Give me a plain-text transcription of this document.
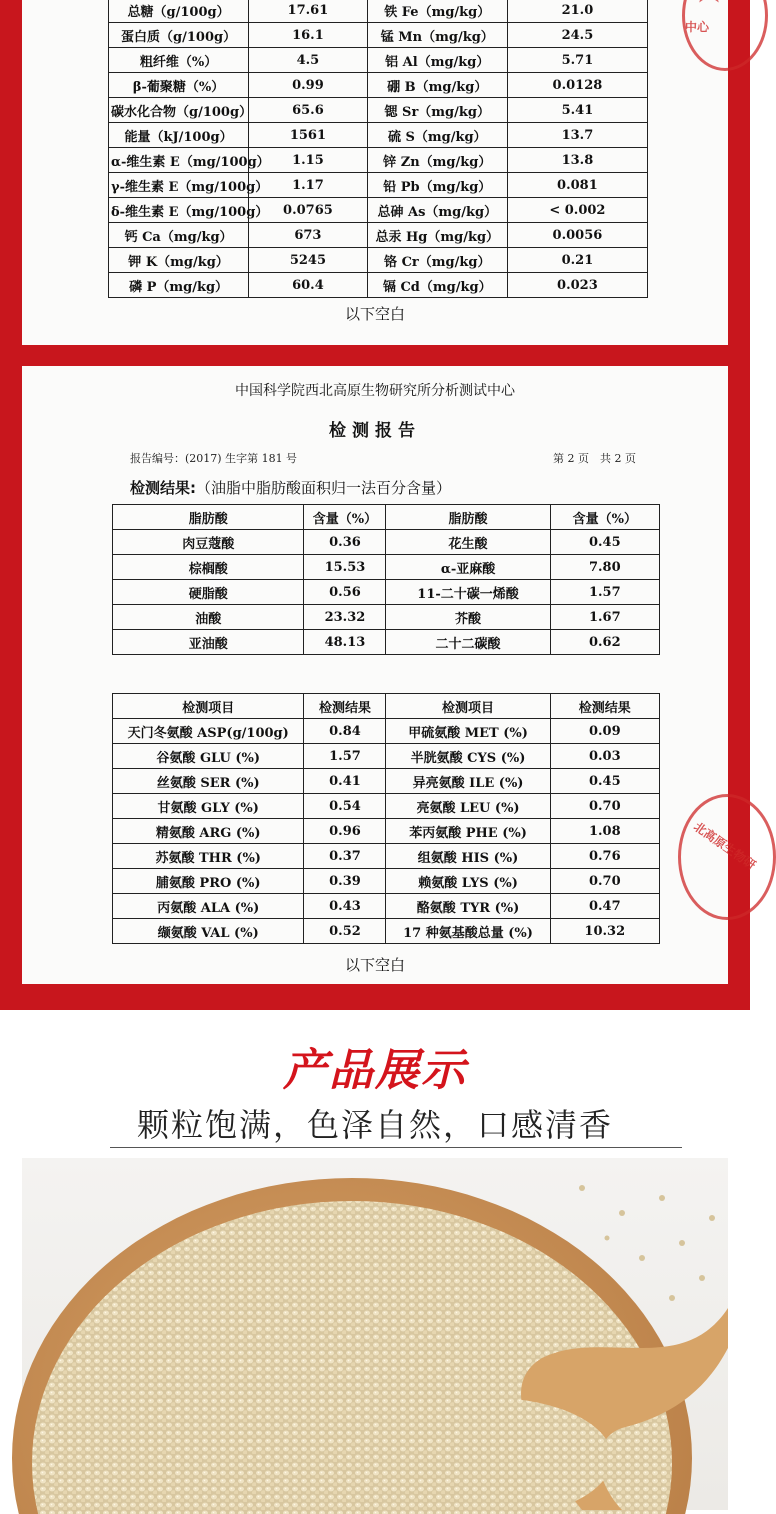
总糖（g/100g）	17.61	铁 Fe（mg/kg）	21.0
蛋白质（g/100g）	16.1	锰 Mn（mg/kg）	24.5
粗纤维（%）	4.5	铝 Al（mg/kg）	5.71
β-葡聚糖（%）	0.99	硼 B（mg/kg）	0.0128
碳水化合物（g/100g）	65.6	锶 Sr（mg/kg）	5.41
能量（kJ/100g）	1561	硫 S（mg/kg）	13.7
α-维生素 E（mg/100g）	1.15	锌 Zn（mg/kg）	13.8
γ-维生素 E（mg/100g）	1.17	铅 Pb（mg/kg）	0.081
δ-维生素 E（mg/100g）	0.0765	总砷 As（mg/kg）	< 0.002
钙 Ca（mg/kg）	673	总汞 Hg（mg/kg）	0.0056
钾 K（mg/kg）	5245	铬 Cr（mg/kg）	0.21
磷 P（mg/kg）	60.4	镉 Cd（mg/kg）	0.023
以下空白
中心
中国科学院西北高原生物研究所分析测试中心
检测报告
报告编号：(2017) 生字第 181 号	第 2 页　共 2 页
检测结果:（油脂中脂肪酸面积归一法百分含量）
脂肪酸	含量（%）	脂肪酸	含量（%）
肉豆蔻酸	0.36	花生酸	0.45
棕榈酸	15.53	α-亚麻酸	7.80
硬脂酸	0.56	11-二十碳一烯酸	1.57
油酸	23.32	芥酸	1.67
亚油酸	48.13	二十二碳酸	0.62
检测项目	检测结果	检测项目	检测结果
天门冬氨酸 ASP(g/100g)	0.84	甲硫氨酸 MET (%)	0.09
谷氨酸 GLU (%)	1.57	半胱氨酸 CYS (%)	0.03
丝氨酸 SER (%)	0.41	异亮氨酸 ILE (%)	0.45
甘氨酸 GLY (%)	0.54	亮氨酸 LEU (%)	0.70
精氨酸 ARG (%)	0.96	苯丙氨酸 PHE (%)	1.08
苏氨酸 THR (%)	0.37	组氨酸 HIS (%)	0.76
脯氨酸 PRO (%)	0.39	赖氨酸 LYS (%)	0.70
丙氨酸 ALA (%)	0.43	酪氨酸 TYR (%)	0.47
缬氨酸 VAL (%)	0.52	17 种氨基酸总量 (%)	10.32
以下空白
北高原生物研
产品展示
颗粒饱满，色泽自然，口感清香
